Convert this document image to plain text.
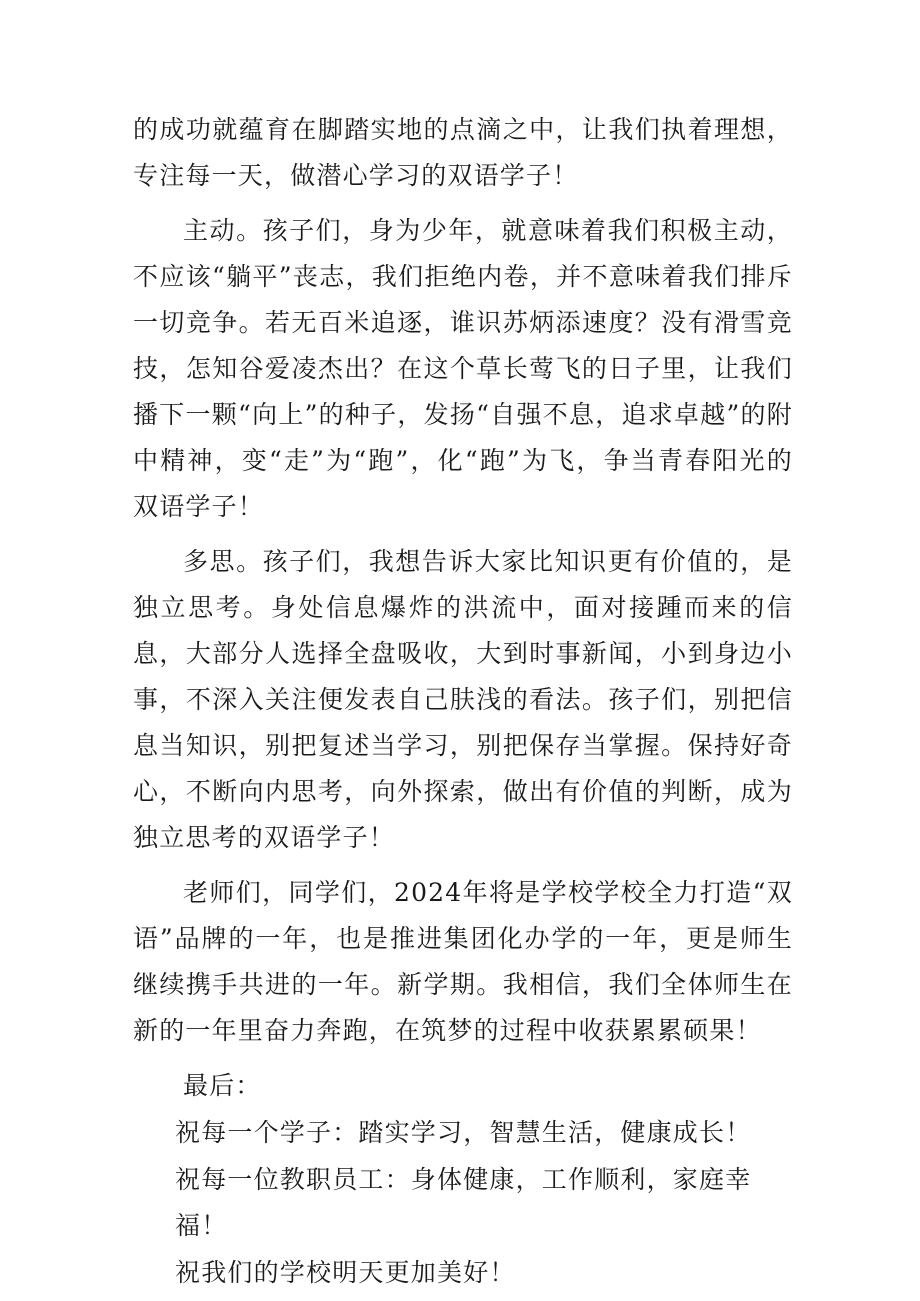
的成功就蕴育在脚踏实地的点滴之中，让我们执着理想，专注每一天，做潜心学习的双语学子！

主动。孩子们，身为少年，就意味着我们积极主动，不应该“躺平”丧志，我们拒绝内卷，并不意味着我们排斥一切竞争。若无百米追逐，谁识苏炳添速度？没有滑雪竞技，怎知谷爱凌杰出？在这个草长莺飞的日子里，让我们播下一颗“向上”的种子，发扬“自强不息，追求卓越”的附中精神，变“走”为“跑”，化“跑”为飞，争当青春阳光的双语学子！

多思。孩子们，我想告诉大家比知识更有价值的，是独立思考。身处信息爆炸的洪流中，面对接踵而来的信息，大部分人选择全盘吸收，大到时事新闻，小到身边小事，不深入关注便发表自己肤浅的看法。孩子们，别把信息当知识，别把复述当学习，别把保存当掌握。保持好奇心，不断向内思考，向外探索，做出有价值的判断，成为独立思考的双语学子！

老师们，同学们，2024年将是学校学校全力打造“双语”品牌的一年，也是推进集团化办学的一年，更是师生继续携手共进的一年。新学期。我相信，我们全体师生在新的一年里奋力奔跑，在筑梦的过程中收获累累硕果！

最后：

祝每一个学子：踏实学习，智慧生活，健康成长！
祝每一位教职员工：身体健康，工作顺利，家庭幸福！
祝我们的学校明天更加美好！
